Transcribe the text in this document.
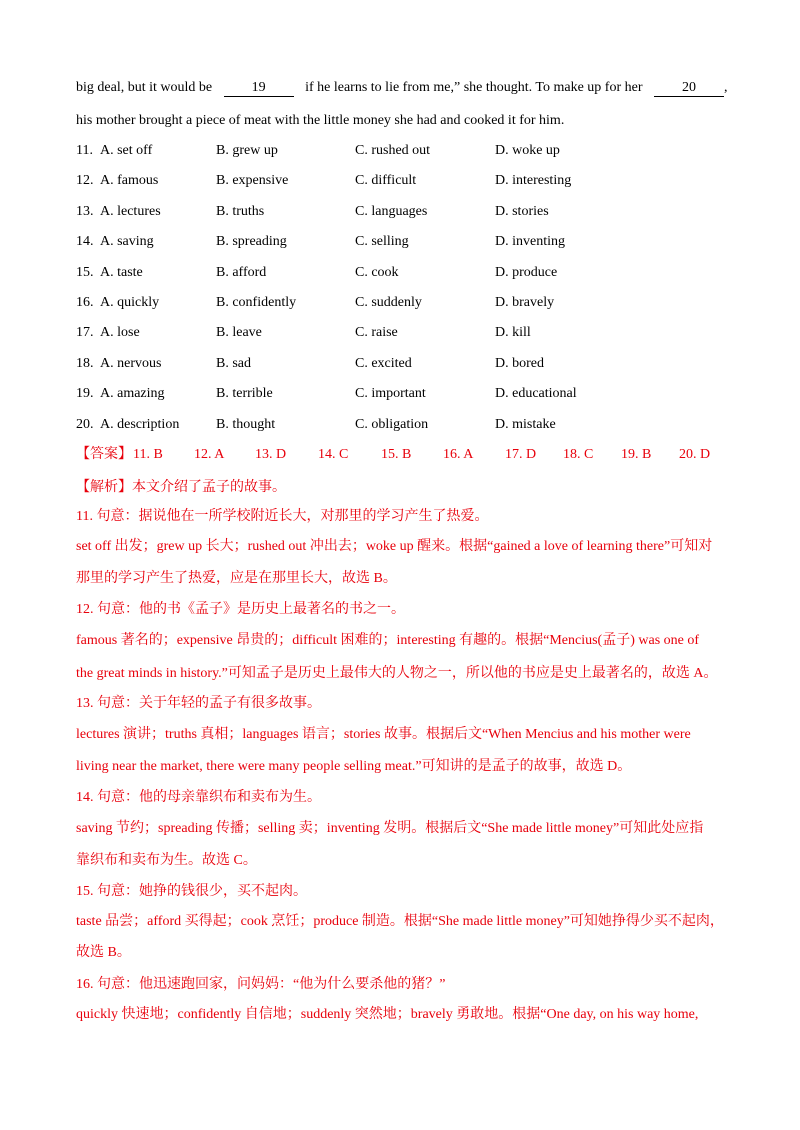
big deal, but it would be	19	if he learns to lie from me,” she thought. To make up for her	20 ,
his mother brought a piece of meat with the little money she had and cooked it for him.
11. A. set off	B. grew up	C. rushed out	D. woke up
12. A. famous	B. expensive	C. difficult	D. interesting
13. A. lectures	B. truths	C. languages	D. stories
14. A. saving	B. spreading	C. selling	D. inventing
15. A. taste	B. afford	C. cook	D. produce
16. A. quickly	B. confidently	C. suddenly	D. bravely
17. A. lose	B. leave	C. raise	D. kill
18. A. nervous	B. sad	C. excited	D. bored
19. A. amazing	B. terrible	C. important	D. educational
20. A. description	B. thought	C. obligation	D. mistake
【答案】 11. B 12. A 13. D 14. C 15. B 16. A 17. D 18. C 19. B 20. D
【解析】本文介绍了孟子的故事。
11. 句意：据说他在一所学校附近长大，对那里的学习产生了热爱。
set off 出发；grew up 长大；rushed out 冲出去；woke up 醒来。根据“gained a love of learning there”可知对
那里的学习产生了热爱，应是在那里长大，故选 B。
12. 句意：他的书《孟子》是历史上最著名的书之一。
famous 著名的；expensive 昂贵的；difficult 困难的；interesting 有趣的。根据“Mencius(孟子) was one of
the great minds in history.”可知孟子是历史上最伟大的人物之一，所以他的书应是史上最著名的，故选 A。
13. 句意：关于年轻的孟子有很多故事。
lectures 演讲；truths 真相；languages 语言；stories 故事。根据后文“When Mencius and his mother were
living near the market, there were many people selling meat.”可知讲的是孟子的故事，故选 D。
14. 句意：他的母亲靠织布和卖布为生。
saving 节约；spreading 传播；selling 卖；inventing 发明。根据后文“She made little money”可知此处应指
靠织布和卖布为生。故选 C。
15. 句意：她挣的钱很少，买不起肉。
taste 品尝；afford 买得起；cook 烹饪；produce 制造。根据“She made little money”可知她挣得少买不起肉，
故选 B。
16. 句意：他迅速跑回家，问妈妈：“他为什么要杀他的猪？”
quickly 快速地；confidently 自信地；suddenly 突然地；bravely 勇敢地。根据“One day, on his way home,
